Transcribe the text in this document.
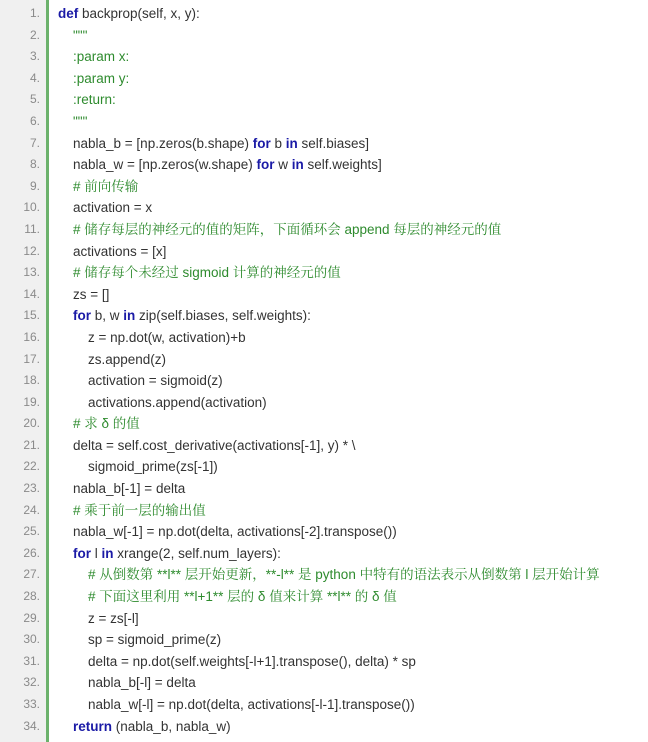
1. def backprop(self, x, y):
2. """
3. :param x:
4. :param y:
5. :return:
6. """
7. nabla_b = [np.zeros(b.shape) for b in self.biases]
8. nabla_w = [np.zeros(w.shape) for w in self.weights]
9. # 前向传输
10. activation = x
11. # 储存每层的神经元的值的矩阵，下面循环会 append 每层的神经元的值
12. activations = [x]
13. # 储存每个未经过 sigmoid 计算的神经元的值
14. zs = []
15.	for b, w in zip(self.biases, self.weights):
16. z = np.dot(w, activation)+b
17. zs.append(z)
18. activation = sigmoid(z)
19. activations.append(activation)
20. # 求 δ 的值
21. delta = self.cost_derivative(activations[-1], y) * \
22. sigmoid_prime(zs[-1])
23. nabla_b[-1] = delta
24. # 乘于前一层的输出值
25. nabla_w[-1] = np.dot(delta, activations[-2].transpose())
26.	for l in xrange(2, self.num_layers):
27. # 从倒数第 **l** 层开始更新，**-l** 是 python 中特有的语法表示从倒数第 l 层开始计算
28. # 下面这里利用 **l+1** 层的 δ 值来计算 **l** 的 δ 值
29. z = zs[-l]
30. sp = sigmoid_prime(z)
31. delta = np.dot(self.weights[-l+1].transpose(), delta) * sp
32. nabla_b[-l] = delta
33. nabla_w[-l] = np.dot(delta, activations[-l-1].transpose())
34.	return (nabla_b, nabla_w)
